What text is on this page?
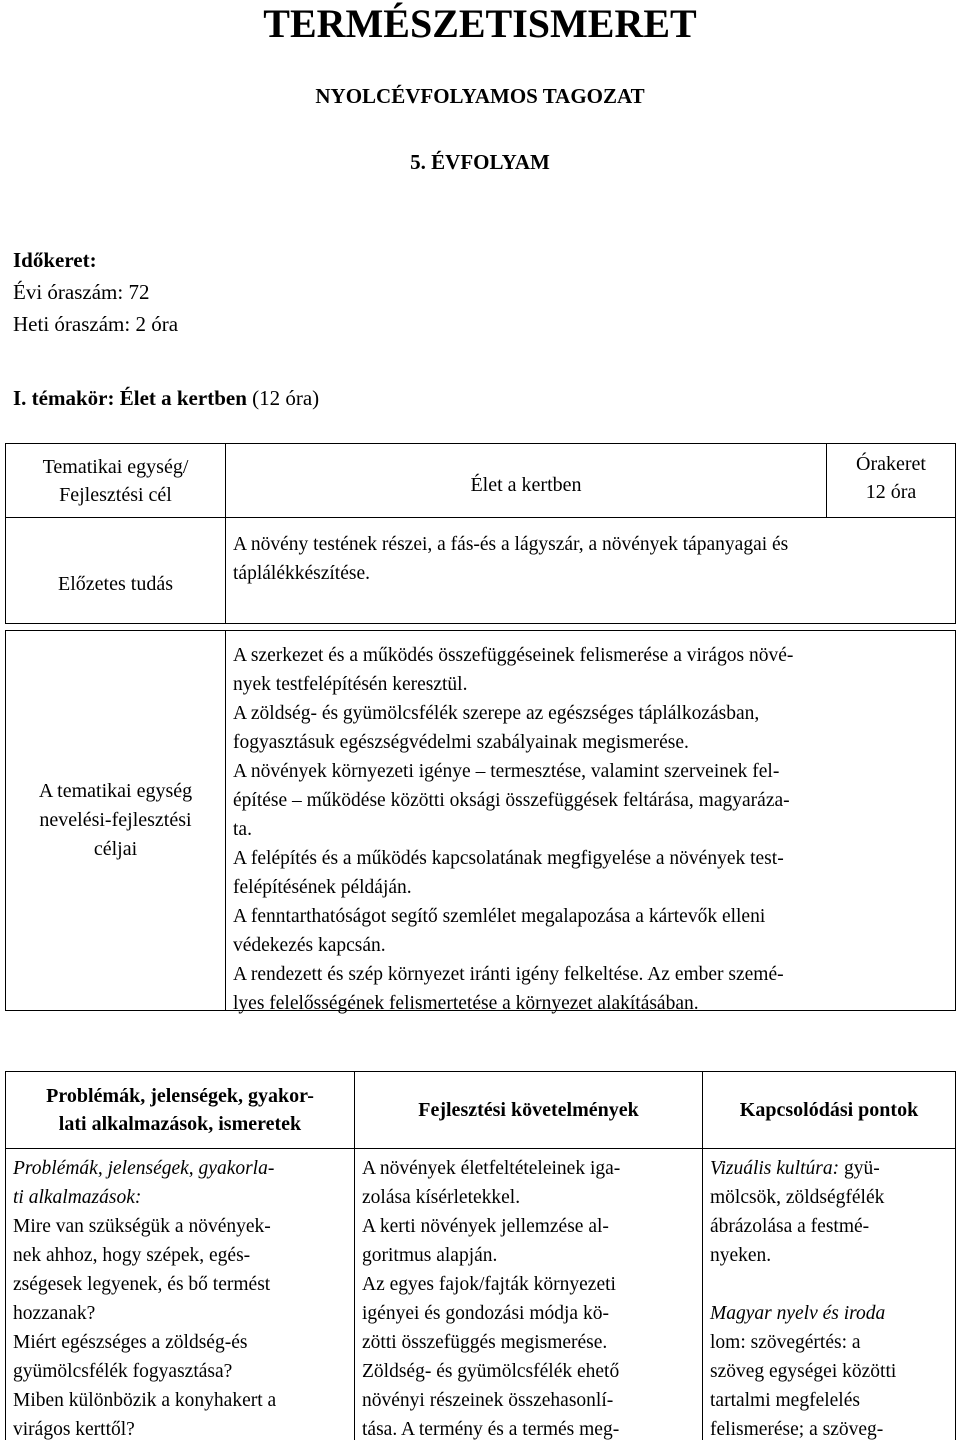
TERMÉSZETISMERET
NYOLCÉVFOLYAMOS TAGOZAT
5. ÉVFOLYAM
Időkeret:
Évi óraszám: 72
Heti óraszám: 2 óra
I. témakör: Élet a kertben (12 óra)
Tematikai egység/
Fejlesztési cél	Élet a kertben
Órakeret
12 óra
Előzetes tudás
A növény testének részei, a fás-és a lágyszár, a növények tápanyagai és
táplálékkészítése.
A tematikai egység
nevelési-fejlesztési
céljai
A szerkezet és a működés összefüggéseinek felismerése a virágos növé-
nyek testfelépítésén keresztül.
A zöldség- és gyümölcsfélék szerepe az egészséges táplálkozásban,
fogyasztásuk egészségvédelmi szabályainak megismerése.
A növények környezeti igénye – termesztése, valamint szerveinek fel-
építése – működése közötti oksági összefüggések feltárása, magyaráza-
ta.
A felépítés és a működés kapcsolatának megfigyelése a növények test-
felépítésének példáján.
A fenntarthatóságot segítő szemlélet megalapozása a kártevők elleni
védekezés kapcsán.
A rendezett és szép környezet iránti igény felkeltése. Az ember szemé-
lyes felelősségének felismertetése a környezet alakításában.
Problémák, jelenségek, gyakor-
lati alkalmazások, ismeretek
Fejlesztési követelmények	Kapcsolódási pontok
Problémák, jelenségek, gyakorla-
ti alkalmazások:
Mire van szükségük a növények-
nek ahhoz, hogy szépek, egés-
zségesek legyenek, és bő termést
hozzanak?
Miért egészséges a zöldség-és
gyümölcsfélék fogyasztása?
Miben különbözik a konyhakert a
virágos kerttől?
A növények életfeltételeinek iga-
zolása kísérletekkel.
A kerti növények jellemzése al-
goritmus alapján.
Az egyes fajok/fajták környezeti
igényei és gondozási módja kö-
zötti összefüggés megismerése.
Zöldség- és gyümölcsfélék ehető
növényi részeinek összehasonlí-
tása. A termény és a termés meg-
Vizuális kultúra: gyü-
mölcsök, zöldségfélék
ábrázolása a festmé-
nyeken.
Magyar nyelv és iroda
lom: szövegértés: a
szöveg egységei közötti
tartalmi megfelelés
felismerése; a szöveg-
